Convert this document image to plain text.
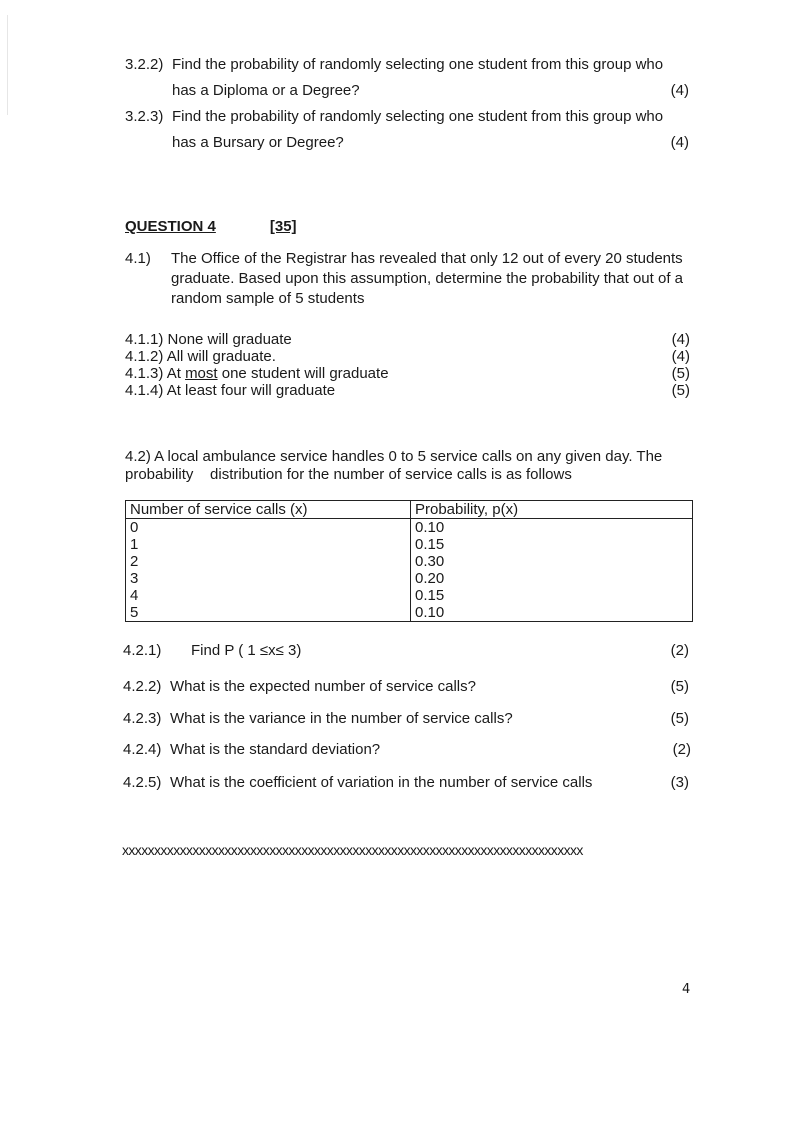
3.2.2) Find the probability of randomly selecting one student from this group who
has a Diploma or a Degree?	(4)
3.2.3) Find the probability of randomly selecting one student from this group who
has a Bursary or Degree?	(4)
QUESTION 4	[35]
4.1) The Office of the Registrar has revealed that only 12 out of every 20 students
graduate. Based upon this assumption, determine the probability that out of a
random sample of 5 students
4.1.1) None will graduate	(4)
4.1.2) All will graduate.	(4)
4.1.3) At most one student will graduate	(5)
4.1.4) At least four will graduate	(5)
4.2) A local ambulance service handles 0 to 5 service calls on any given day. The
probability    distribution for the number of service calls is as follows
Number of service calls (x)	Probability, p(x)
0	0.10
1	0.15
2	0.30
3	0.20
4	0.15
5	0.10
4.2.1) Find P ( 1 ≤x≤ 3)	(2)
4.2.2) What is the expected number of service calls?	(5)
4.2.3) What is the variance in the number of service calls?	(5)
4.2.4) What is the standard deviation?	(2)
4.2.5) What is the coefficient of variation in the number of service calls	(3)
xxxxxxxxxxxxxxxxxxxxxxxxxxxxxxxxxxxxxxxxxxxxxxxxxxxxxxxxxxxxxxxxxxxxxxxx
4
